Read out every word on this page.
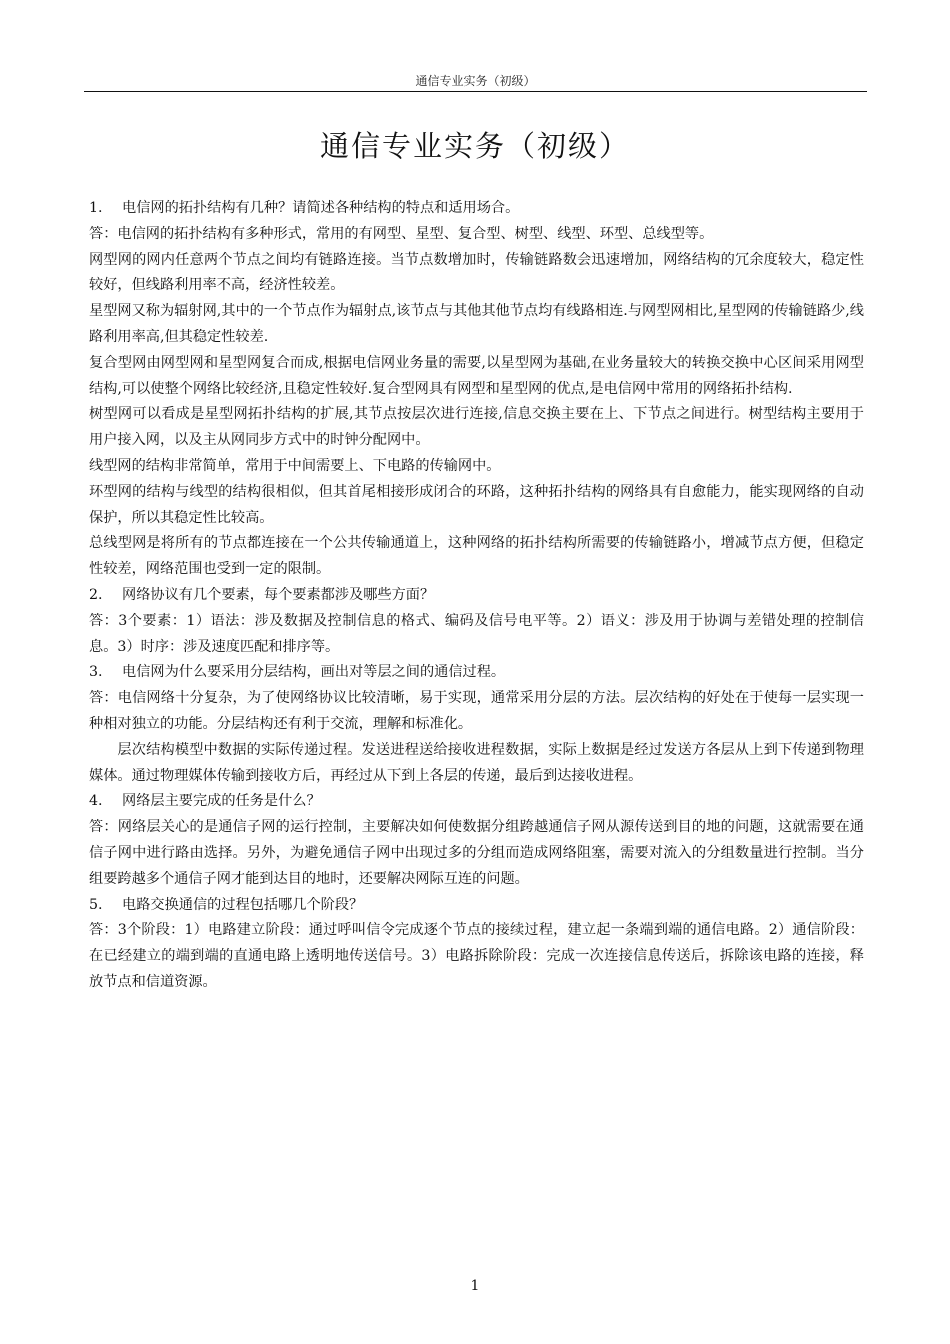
通信专业实务（初级）
通信专业实务（初级）
1.	电信网的拓扑结构有几种？请简述各种结构的特点和适用场合。

答：电信网的拓扑结构有多种形式，常用的有网型、星型、复合型、树型、线型、环型、总线型等。

网型网的网内任意两个节点之间均有链路连接。当节点数增加时，传输链路数会迅速增加，网络结构的冗余度较大，稳定性较好，但线路利用率不高，经济性较差。

星型网又称为辐射网,其中的一个节点作为辐射点,该节点与其他其他节点均有线路相连.与网型网相比,星型网的传输链路少,线路利用率高,但其稳定性较差.

复合型网由网型网和星型网复合而成,根据电信网业务量的需要,以星型网为基础,在业务量较大的转换交换中心区间采用网型结构,可以使整个网络比较经济,且稳定性较好.复合型网具有网型和星型网的优点,是电信网中常用的网络拓扑结构.

树型网可以看成是星型网拓扑结构的扩展,其节点按层次进行连接,信息交换主要在上、下节点之间进行。树型结构主要用于用户接入网，以及主从网同步方式中的时钟分配网中。

线型网的结构非常简单，常用于中间需要上、下电路的传输网中。

环型网的结构与线型的结构很相似，但其首尾相接形成闭合的环路，这种拓扑结构的网络具有自愈能力，能实现网络的自动保护，所以其稳定性比较高。

总线型网是将所有的节点都连接在一个公共传输通道上，这种网络的拓扑结构所需要的传输链路小，增减节点方便，但稳定性较差，网络范围也受到一定的限制。

2.	网络协议有几个要素，每个要素都涉及哪些方面？

答：3个要素：1）语法：涉及数据及控制信息的格式、编码及信号电平等。2）语义：涉及用于协调与差错处理的控制信息。3）时序：涉及速度匹配和排序等。

3.	电信网为什么要采用分层结构，画出对等层之间的通信过程。

答：电信网络十分复杂，为了使网络协议比较清晰，易于实现，通常采用分层的方法。层次结构的好处在于使每一层实现一种相对独立的功能。分层结构还有利于交流，理解和标准化。

层次结构模型中数据的实际传递过程。发送进程送给接收进程数据，实际上数据是经过发送方各层从上到下传递到物理媒体。通过物理媒体传输到接收方后，再经过从下到上各层的传递，最后到达接收进程。

4.	网络层主要完成的任务是什么？

答：网络层关心的是通信子网的运行控制，主要解决如何使数据分组跨越通信子网从源传送到目的地的问题，这就需要在通信子网中进行路由选择。另外，为避免通信子网中出现过多的分组而造成网络阻塞，需要对流入的分组数量进行控制。当分组要跨越多个通信子网才能到达目的地时，还要解决网际互连的问题。

5.	电路交换通信的过程包括哪几个阶段？

答：3个阶段：1）电路建立阶段：通过呼叫信令完成逐个节点的接续过程，建立起一条端到端的通信电路。2）通信阶段：在已经建立的端到端的直通电路上透明地传送信号。3）电路拆除阶段：完成一次连接信息传送后，拆除该电路的连接，释放节点和信道资源。

1
